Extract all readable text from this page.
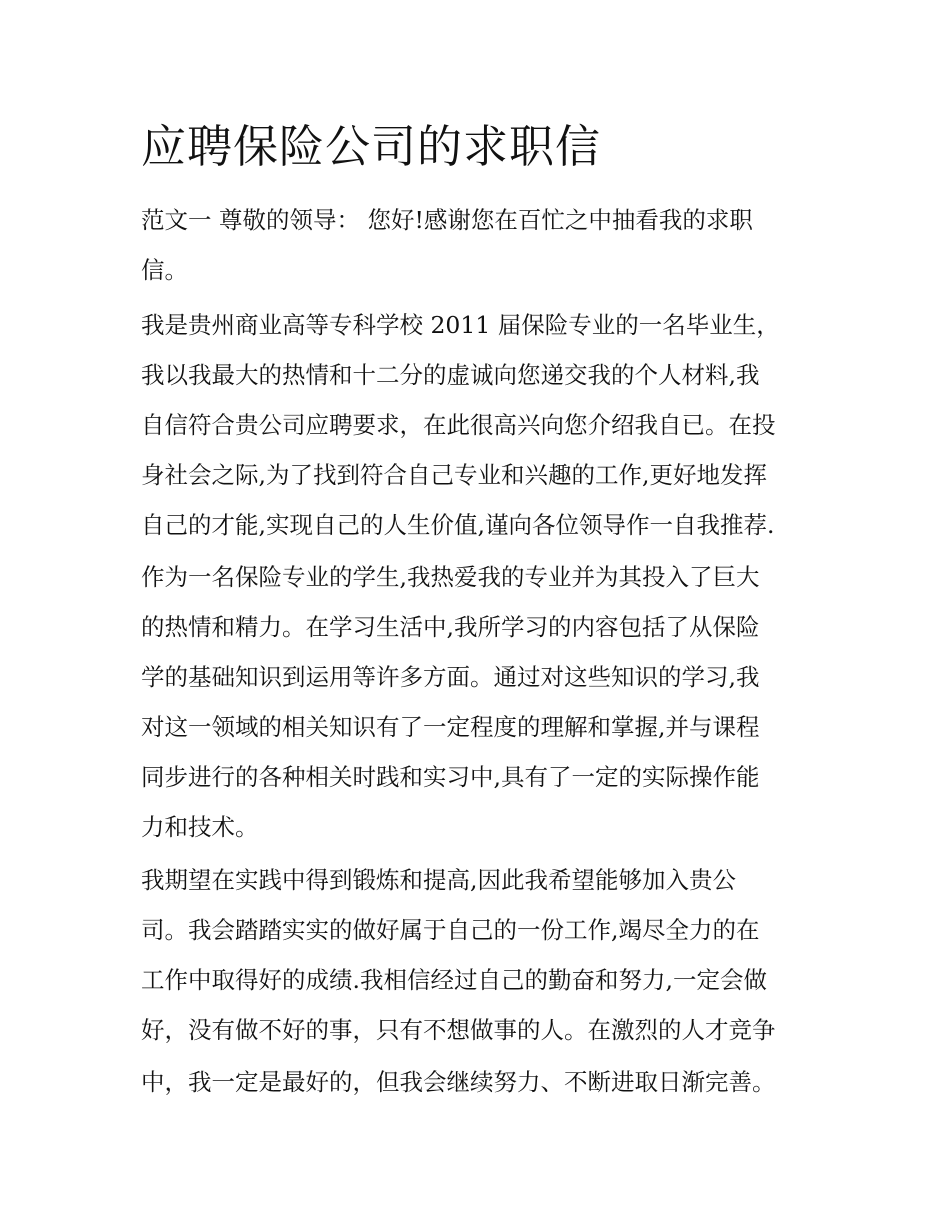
应聘保险公司的求职信

范文一 尊敬的领导： 您好!感谢您在百忙之中抽看我的求职

信。

我是贵州商业高等专科学校 2011 届保险专业的一名毕业生，

我以我最大的热情和十二分的虚诚向您递交我的个人材料,我

自信符合贵公司应聘要求，在此很高兴向您介绍我自已。在投

身社会之际,为了找到符合自己专业和兴趣的工作,更好地发挥

自己的才能,实现自己的人生价值,谨向各位领导作一自我推荐.

作为一名保险专业的学生,我热爱我的专业并为其投入了巨大

的热情和精力。在学习生活中,我所学习的内容包括了从保险

学的基础知识到运用等许多方面。通过对这些知识的学习,我

对这一领域的相关知识有了一定程度的理解和掌握,并与课程

同步进行的各种相关时践和实习中,具有了一定的实际操作能

力和技术。

我期望在实践中得到锻炼和提高,因此我希望能够加入贵公

司。我会踏踏实实的做好属于自己的一份工作,竭尽全力的在

工作中取得好的成绩.我相信经过自己的勤奋和努力,一定会做

好，没有做不好的事，只有不想做事的人。在激烈的人才竞争

中，我一定是最好的，但我会继续努力、不断进取日渐完善。
